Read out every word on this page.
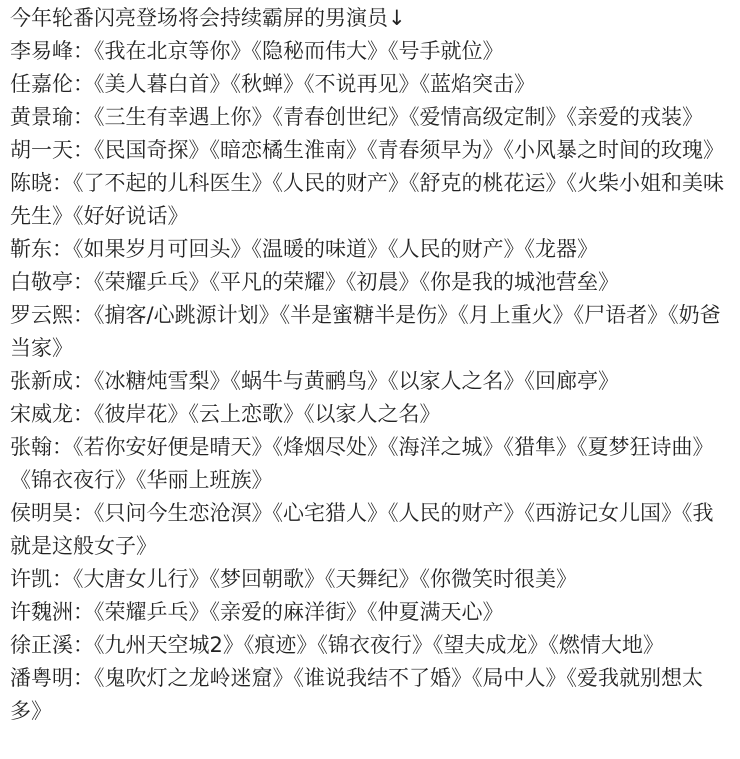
今年轮番闪亮登场将会持续霸屏的男演员↓

李易峰：《我在北京等你》《隐秘而伟大》《号手就位》

任嘉伦：《美人暮白首》《秋蝉》《不说再见》《蓝焰突击》

黄景瑜：《三生有幸遇上你》《青春创世纪》《爱情高级定制》《亲爱的戎装》

胡一天：《民国奇探》《暗恋橘生淮南》《青春须早为》《小风暴之时间的玫瑰》

陈晓：《了不起的儿科医生》《人民的财产》《舒克的桃花运》《火柴小姐和美味先生》《好好说话》

靳东：《如果岁月可回头》《温暖的味道》《人民的财产》《龙器》

白敬亭：《荣耀乒乓》《平凡的荣耀》《初晨》《你是我的城池营垒》

罗云熙：《掮客/心跳源计划》《半是蜜糖半是伤》《月上重火》《尸语者》《奶爸当家》

张新成：《冰糖炖雪梨》《蜗牛与黄鹂鸟》《以家人之名》《回廊亭》

宋威龙：《彼岸花》《云上恋歌》《以家人之名》

张翰：《若你安好便是晴天》《烽烟尽处》《海洋之城》《猎隼》《夏梦狂诗曲》《锦衣夜行》《华丽上班族》

侯明昊：《只问今生恋沧溟》《心宅猎人》《人民的财产》《西游记女儿国》《我就是这般女子》

许凯：《大唐女儿行》《梦回朝歌》《天舞纪》《你微笑时很美》

许魏洲：《荣耀乒乓》《亲爱的麻洋街》《仲夏满天心》

徐正溪：《九州天空城2》《痕迹》《锦衣夜行》《望夫成龙》《燃情大地》

潘粤明：《鬼吹灯之龙岭迷窟》《谁说我结不了婚》《局中人》《爱我就别想太多》
